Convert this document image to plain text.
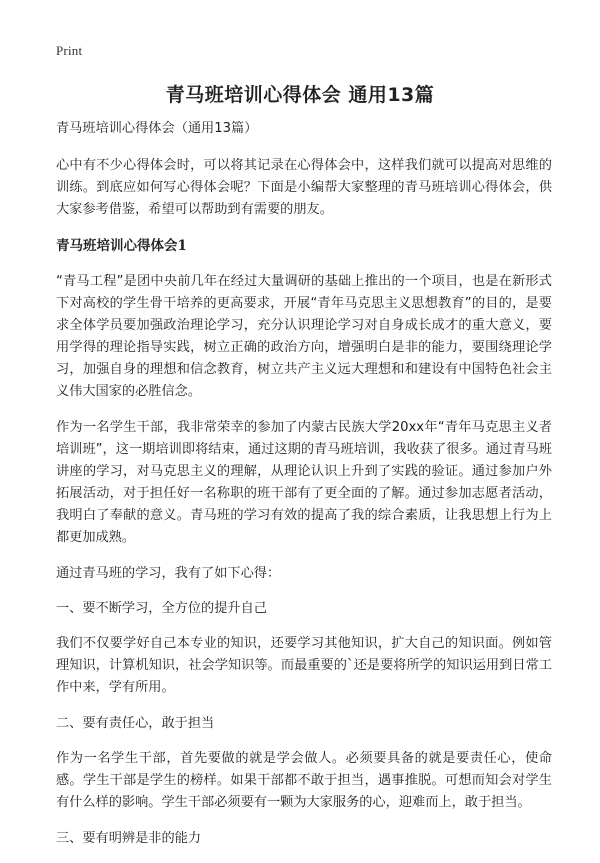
Print
青马班培训心得体会 通用13篇

青马班培训心得体会（通用13篇）

心中有不少心得体会时，可以将其记录在心得体会中，这样我们就可以提高对思维的训练。到底应如何写心得体会呢？下面是小编帮大家整理的青马班培训心得体会，供大家参考借鉴，希望可以帮助到有需要的朋友。

青马班培训心得体会1

“青马工程”是团中央前几年在经过大量调研的基础上推出的一个项目，也是在新形式下对高校的学生骨干培养的更高要求，开展“青年马克思主义思想教育”的目的，是要求全体学员要加强政治理论学习，充分认识理论学习对自身成长成才的重大意义，要用学得的理论指导实践，树立正确的政治方向，增强明白是非的能力，要围绕理论学习，加强自身的理想和信念教育，树立共产主义远大理想和和建设有中国特色社会主义伟大国家的必胜信念。

作为一名学生干部，我非常荣幸的参加了内蒙古民族大学20xx年“青年马克思主义者培训班”，这一期培训即将结束，通过这期的青马班培训，我收获了很多。通过青马班讲座的学习，对马克思主义的理解，从理论认识上升到了实践的验证。通过参加户外拓展活动，对于担任好一名称职的班干部有了更全面的了解。通过参加志愿者活动，我明白了奉献的意义。青马班的学习有效的提高了我的综合素质，让我思想上行为上都更加成熟。

通过青马班的学习，我有了如下心得：

一、要不断学习，全方位的提升自己

我们不仅要学好自己本专业的知识，还要学习其他知识，扩大自己的知识面。例如管理知识，计算机知识，社会学知识等。而最重要的`还是要将所学的知识运用到日常工作中来，学有所用。

二、要有责任心，敢于担当

作为一名学生干部，首先要做的就是学会做人。必须要具备的就是要责任心，使命感。学生干部是学生的榜样。如果干部都不敢于担当，遇事推脱。可想而知会对学生有什么样的影响。学生干部必须要有一颗为大家服务的心，迎难而上，敢于担当。

三、要有明辨是非的能力
